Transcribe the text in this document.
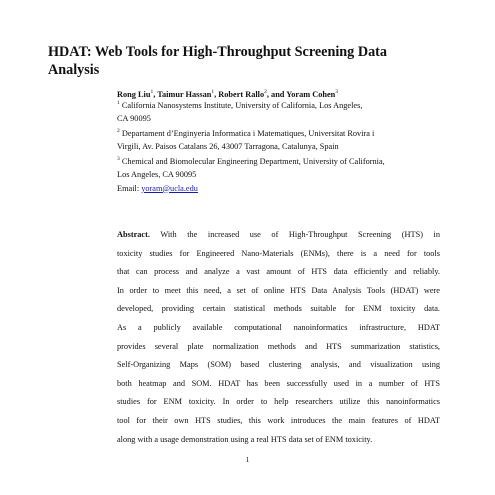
HDAT: Web Tools for High-Throughput Screening Data
Analysis

Rong Liu$^1$, Taimur Hassan$^1$, Robert Rallo$^2$, and Yoram Cohen$^3$

$^1$ California Nanosystems Institute, University of California, Los Angeles,
CA 90095
$^2$ Departament d’Enginyeria Informatica i Matematiques, Universitat Rovira i
Virgili, Av. Paisos Catalans 26, 43007 Tarragona, Catalunya, Spain
$^3$ Chemical and Biomolecular Engineering Department, University of California,
Los Angeles, CA 90095
Email: yoram@ucla.edu
Abstract. With the increased use of High-Throughput Screening (HTS) in
toxicity studies for Engineered Nano-Materials (ENMs), there is a need for tools
that can process and analyze a vast amount of HTS data efficiently and reliably.
In order to meet this need, a set of online HTS Data Analysis Tools (HDAT) were
developed, providing certain statistical methods suitable for ENM toxicity data.
As a publicly available computational nanoinformatics infrastructure, HDAT
provides several plate normalization methods and HTS summarization statistics,
Self-Organizing Maps (SOM) based clustering analysis, and visualization using
both heatmap and SOM. HDAT has been successfully used in a number of HTS
studies for ENM toxicity. In order to help researchers utilize this nanoinformatics
tool for their own HTS studies, this work introduces the main features of HDAT
along with a usage demonstration using a real HTS data set of ENM toxicity.
1
